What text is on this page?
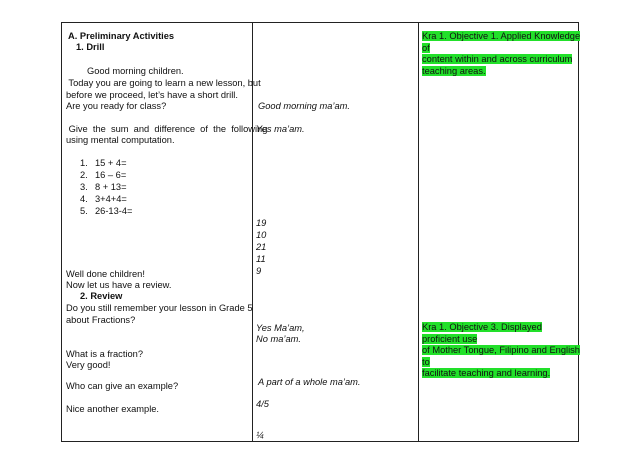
A. Preliminary Activities
1. Drill
Good morning children.
Today you are going to learn a new lesson, but
before we proceed, let’s have a short drill.
Are you ready for class?
Give  the  sum  and  difference  of  the  following
using mental computation.
1. 15 + 4=
2. 16 – 6=
3. 8 + 13=
4. 3+4+4=
5. 26-13-4=
Well done children!
Now let us have a review.
2. Review
Do you still remember your lesson in Grade 5
about Fractions?
What is a fraction?
Very good!
Who can give an example?
Nice another example.
Good morning ma’am.
Yes ma’am.
19
10
21
11
9
Yes Ma’am,
No ma’am.
A part of a whole ma’am.
4/5
¼
Kra 1. Objective 1. Applied Knowledge of
content within and across curriculum
teaching areas.
Kra 1. Objective 3. Displayed proficient use
of Mother Tongue, Filipino and English to
facilitate teaching and learning.
